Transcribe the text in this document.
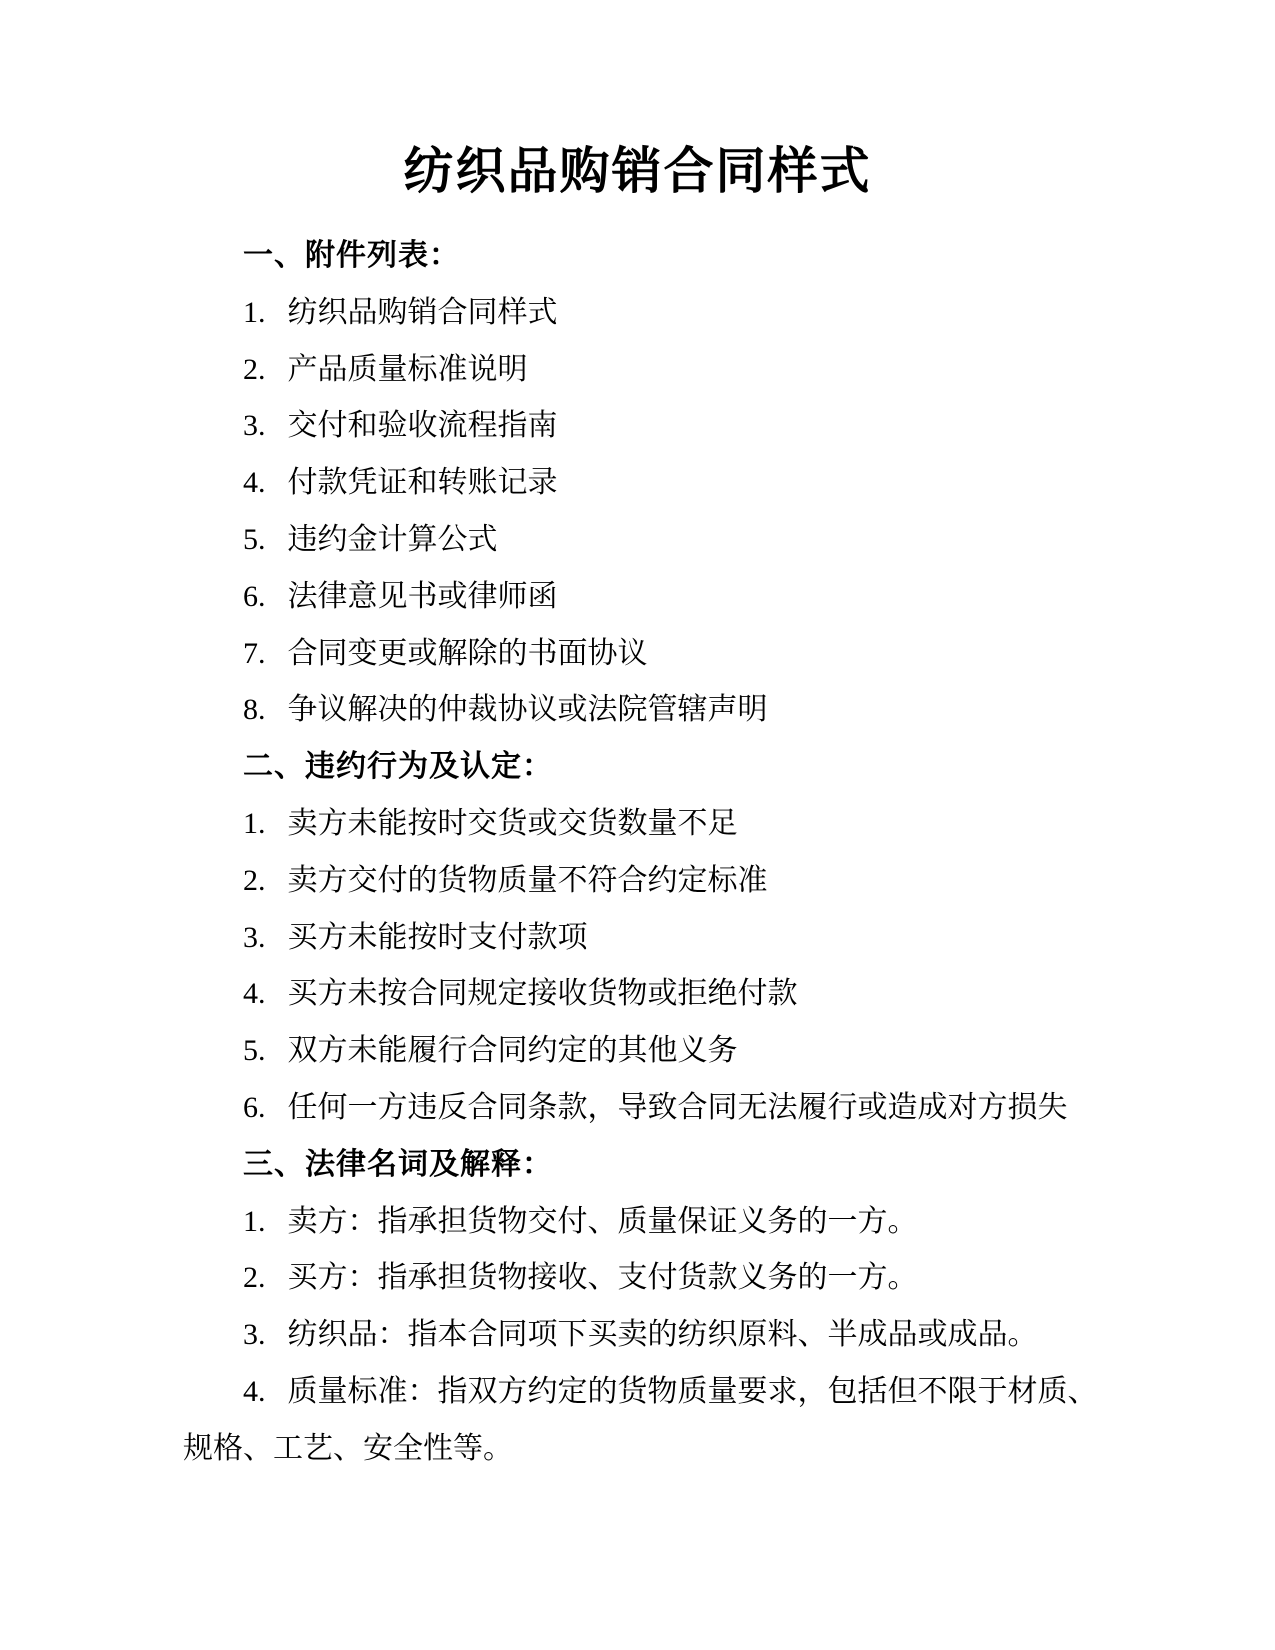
纺织品购销合同样式

一、附件列表：

1. 纺织品购销合同样式

2. 产品质量标准说明

3. 交付和验收流程指南

4. 付款凭证和转账记录

5. 违约金计算公式

6. 法律意见书或律师函

7. 合同变更或解除的书面协议

8. 争议解决的仲裁协议或法院管辖声明

二、违约行为及认定：

1. 卖方未能按时交货或交货数量不足

2. 卖方交付的货物质量不符合约定标准

3. 买方未能按时支付款项

4. 买方未按合同规定接收货物或拒绝付款

5. 双方未能履行合同约定的其他义务

6. 任何一方违反合同条款，导致合同无法履行或造成对方损失

三、法律名词及解释：

1. 卖方：指承担货物交付、质量保证义务的一方。

2. 买方：指承担货物接收、支付货款义务的一方。

3. 纺织品：指本合同项下买卖的纺织原料、半成品或成品。

4. 质量标准：指双方约定的货物质量要求，包括但不限于材质、规格、工艺、安全性等。
